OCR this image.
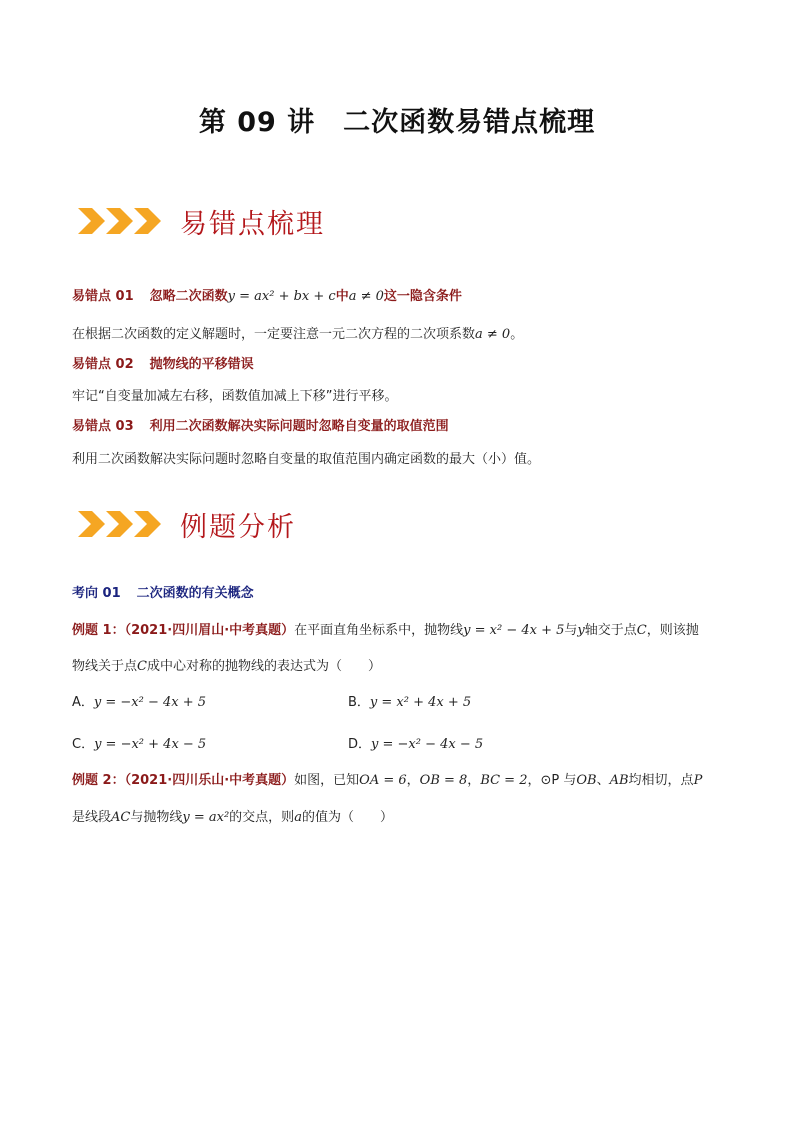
第 09 讲　二次函数易错点梳理
易错点梳理
易错点 01 忽略二次函数y = ax² + bx + c中a ≠ 0这一隐含条件
在根据二次函数的定义解题时，一定要注意一元二次方程的二次项系数a ≠ 0。
易错点 02 抛物线的平移错误
牢记“自变量加减左右移，函数值加减上下移”进行平移。
易错点 03 利用二次函数解决实际问题时忽略自变量的取值范围
利用二次函数解决实际问题时忽略自变量的取值范围内确定函数的最大（小）值。
例题分析
考向 01 二次函数的有关概念
例题 1：（2021·四川眉山·中考真题）在平面直角坐标系中，抛物线y = x² − 4x + 5与y轴交于点C，则该抛
物线关于点C成中心对称的抛物线的表达式为（　　）
A．y = −x² − 4x + 5	B．y = x² + 4x + 5
C．y = −x² + 4x − 5	D．y = −x² − 4x − 5
例题 2：（2021·四川乐山·中考真题）如图，已知OA = 6，OB = 8，BC = 2，⊙P 与OB、AB均相切，点P
是线段AC与抛物线y = ax²的交点，则a的值为（　　）
